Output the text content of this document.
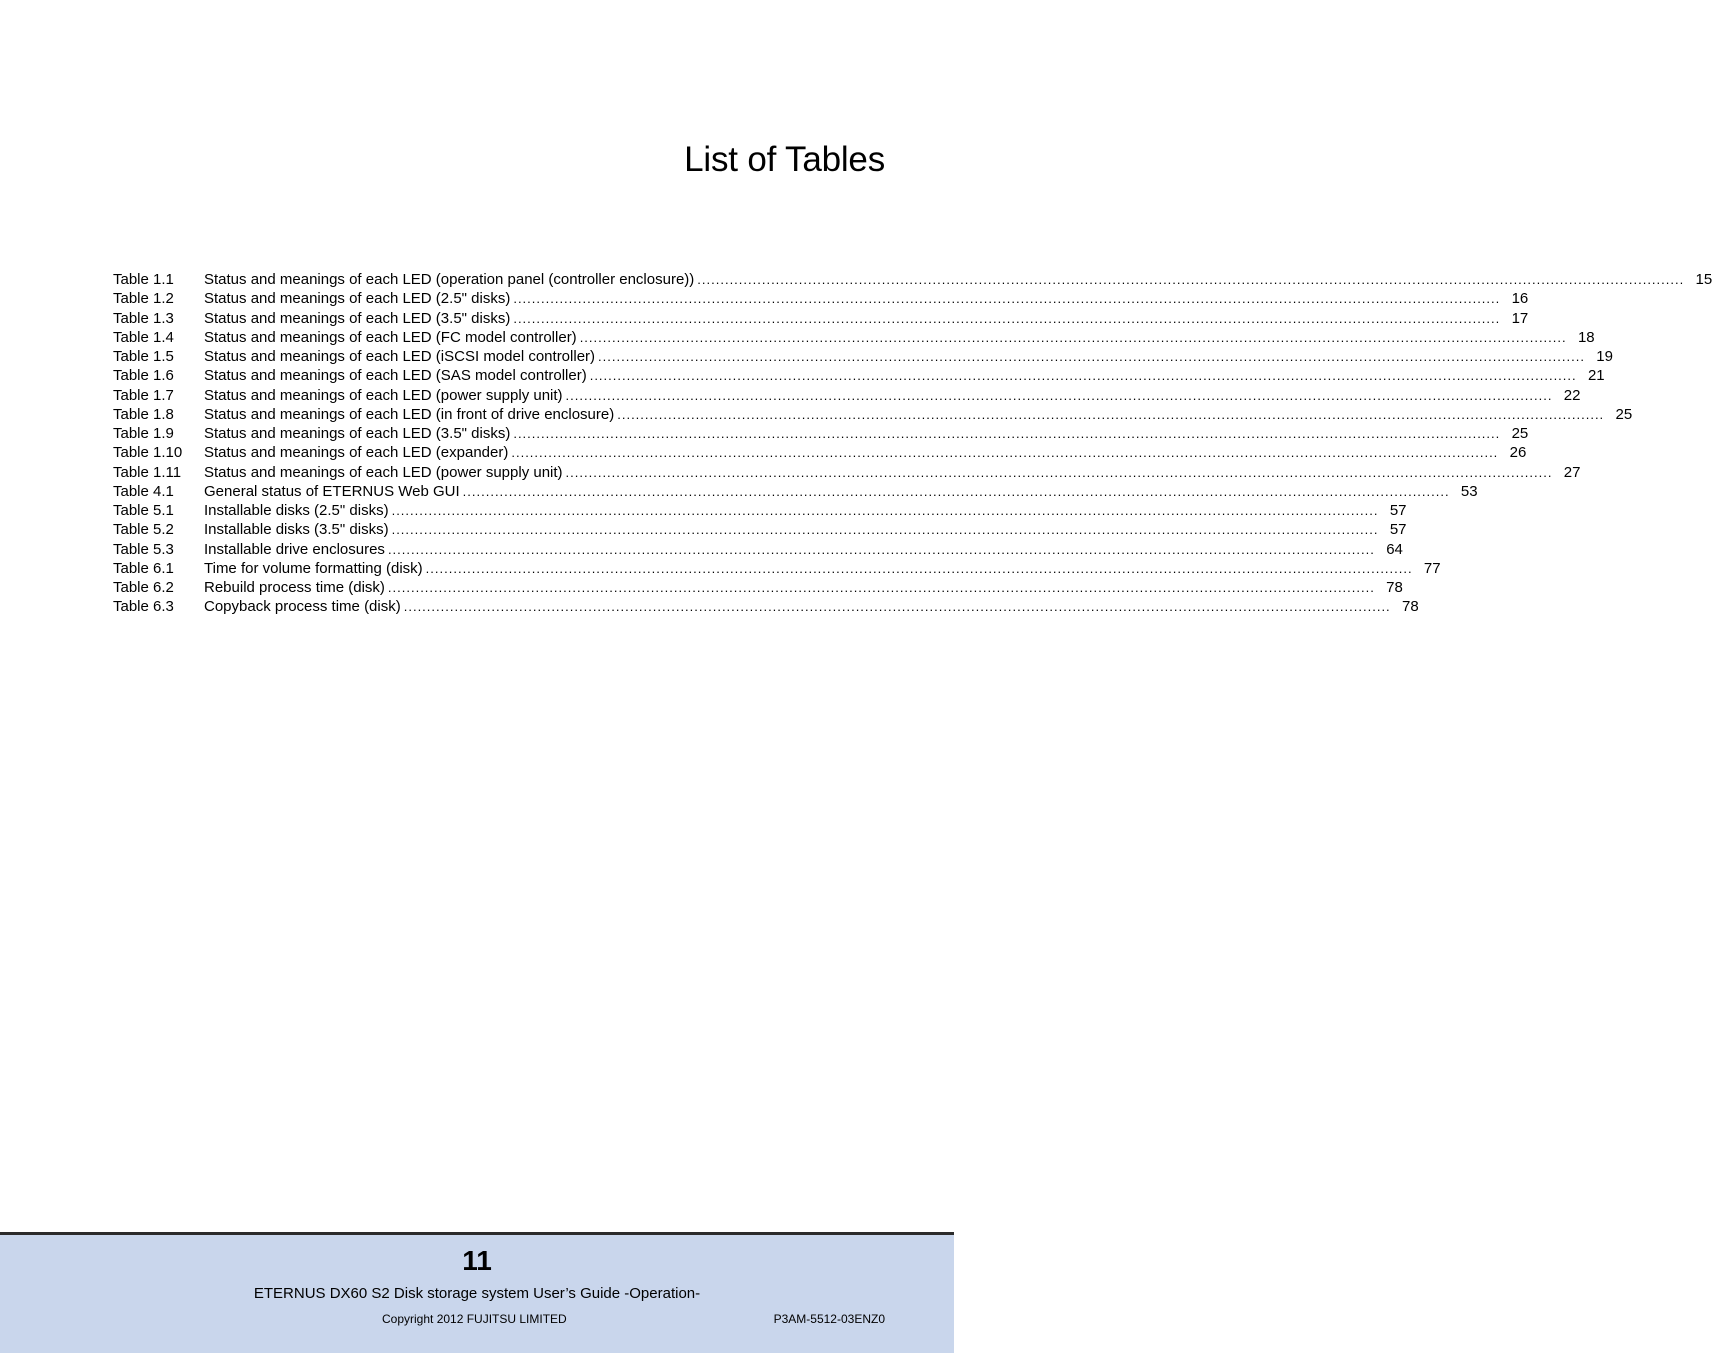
List of Tables
Table 1.1	Status and meanings of each LED (operation panel (controller enclosure)) .....	15
Table 1.2	Status and meanings of each LED (2.5" disks) .....	16
Table 1.3	Status and meanings of each LED (3.5" disks) .....	17
Table 1.4	Status and meanings of each LED (FC model controller) .....	18
Table 1.5	Status and meanings of each LED (iSCSI model controller) .....	19
Table 1.6	Status and meanings of each LED (SAS model controller) .....	21
Table 1.7	Status and meanings of each LED (power supply unit) .....	22
Table 1.8	Status and meanings of each LED (in front of drive enclosure) .....	25
Table 1.9	Status and meanings of each LED (3.5" disks) .....	25
Table 1.10	Status and meanings of each LED (expander) .....	26
Table 1.11	Status and meanings of each LED (power supply unit) .....	27
Table 4.1	General status of ETERNUS Web GUI .....	53
Table 5.1	Installable disks (2.5" disks) .....	57
Table 5.2	Installable disks (3.5" disks) .....	57
Table 5.3	Installable drive enclosures .....	64
Table 6.1	Time for volume formatting (disk) .....	77
Table 6.2	Rebuild process time (disk) .....	78
Table 6.3	Copyback process time (disk) .....	78
11
ETERNUS DX60 S2 Disk storage system User’s Guide -Operation-
Copyright 2012 FUJITSU LIMITED	P3AM-5512-03ENZ0
